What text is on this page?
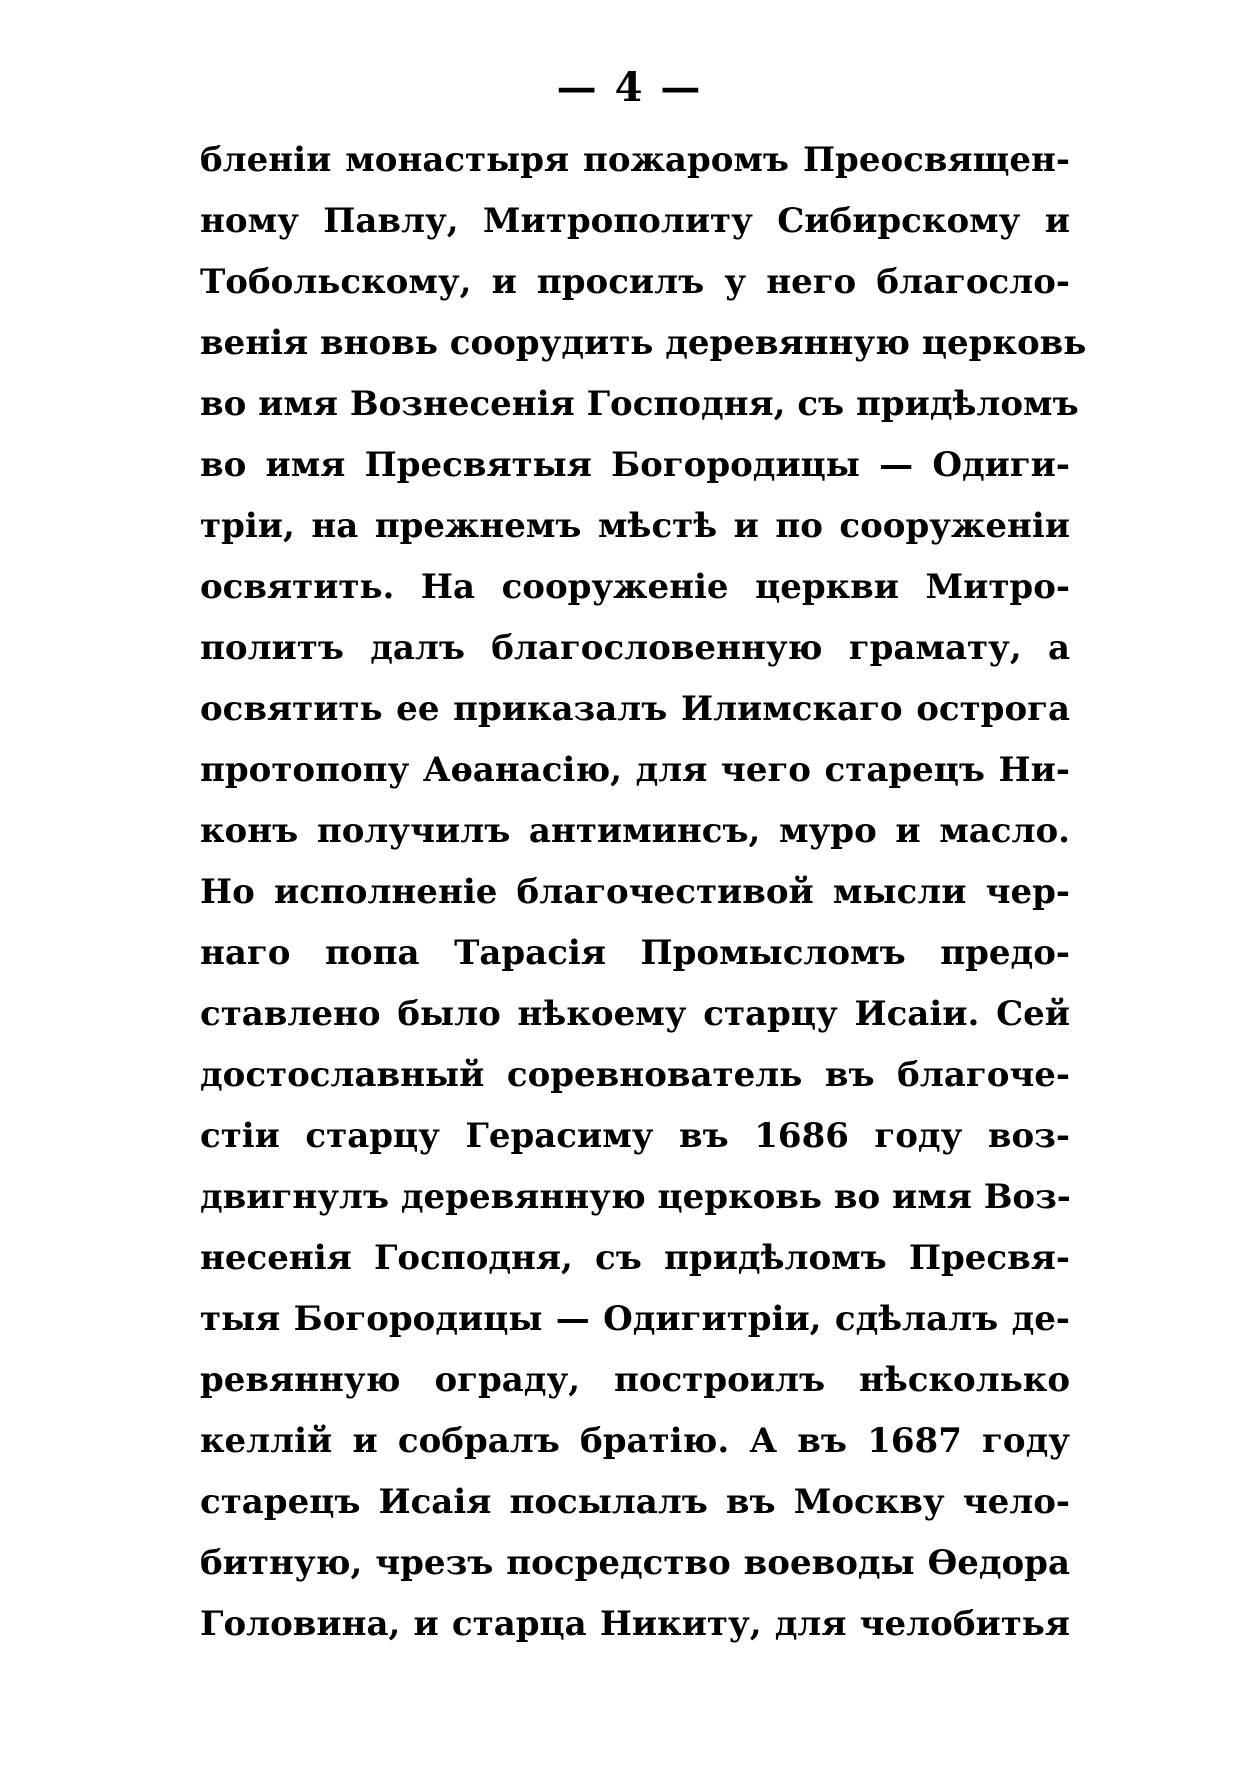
— 4 —
бленіи монастыря пожаромъ Преосвящен-
ному Павлу, Митрополиту Сибирскому и
Тобольскому, и просилъ у него благосло-
венія вновь соорудить деревянную церковь
во имя Вознесенія Господня, съ придѣломъ
во имя Пресвятыя Богородицы — Одиги-
тріи, на прежнемъ мѣстѣ и по сооруженіи
освятить. На сооруженіе церкви Митро-
политъ далъ благословенную грамату, а
освятить ее приказалъ Илимскаго острога
протопопу Аѳанасію, для чего старецъ Ни-
конъ получилъ антиминсъ, муро и масло.
Но исполненіе благочестивой мысли чер-
наго попа Тарасія Промысломъ предо-
ставлено было нѣкоему старцу Исаіи. Сей
достославный соревнователь въ благоче-
стіи старцу Герасиму въ 1686 году воз-
двигнулъ деревянную церковь во имя Воз-
несенія Господня, съ придѣломъ Пресвя-
тыя Богородицы — Одигитріи, сдѣлалъ де-
ревянную ограду, построилъ нѣсколько
келлій и собралъ братію. А въ 1687 году
старецъ Исаія посылалъ въ Москву чело-
битную, чрезъ посредство воеводы Ѳедора
Головина, и старца Никиту, для челобитья
